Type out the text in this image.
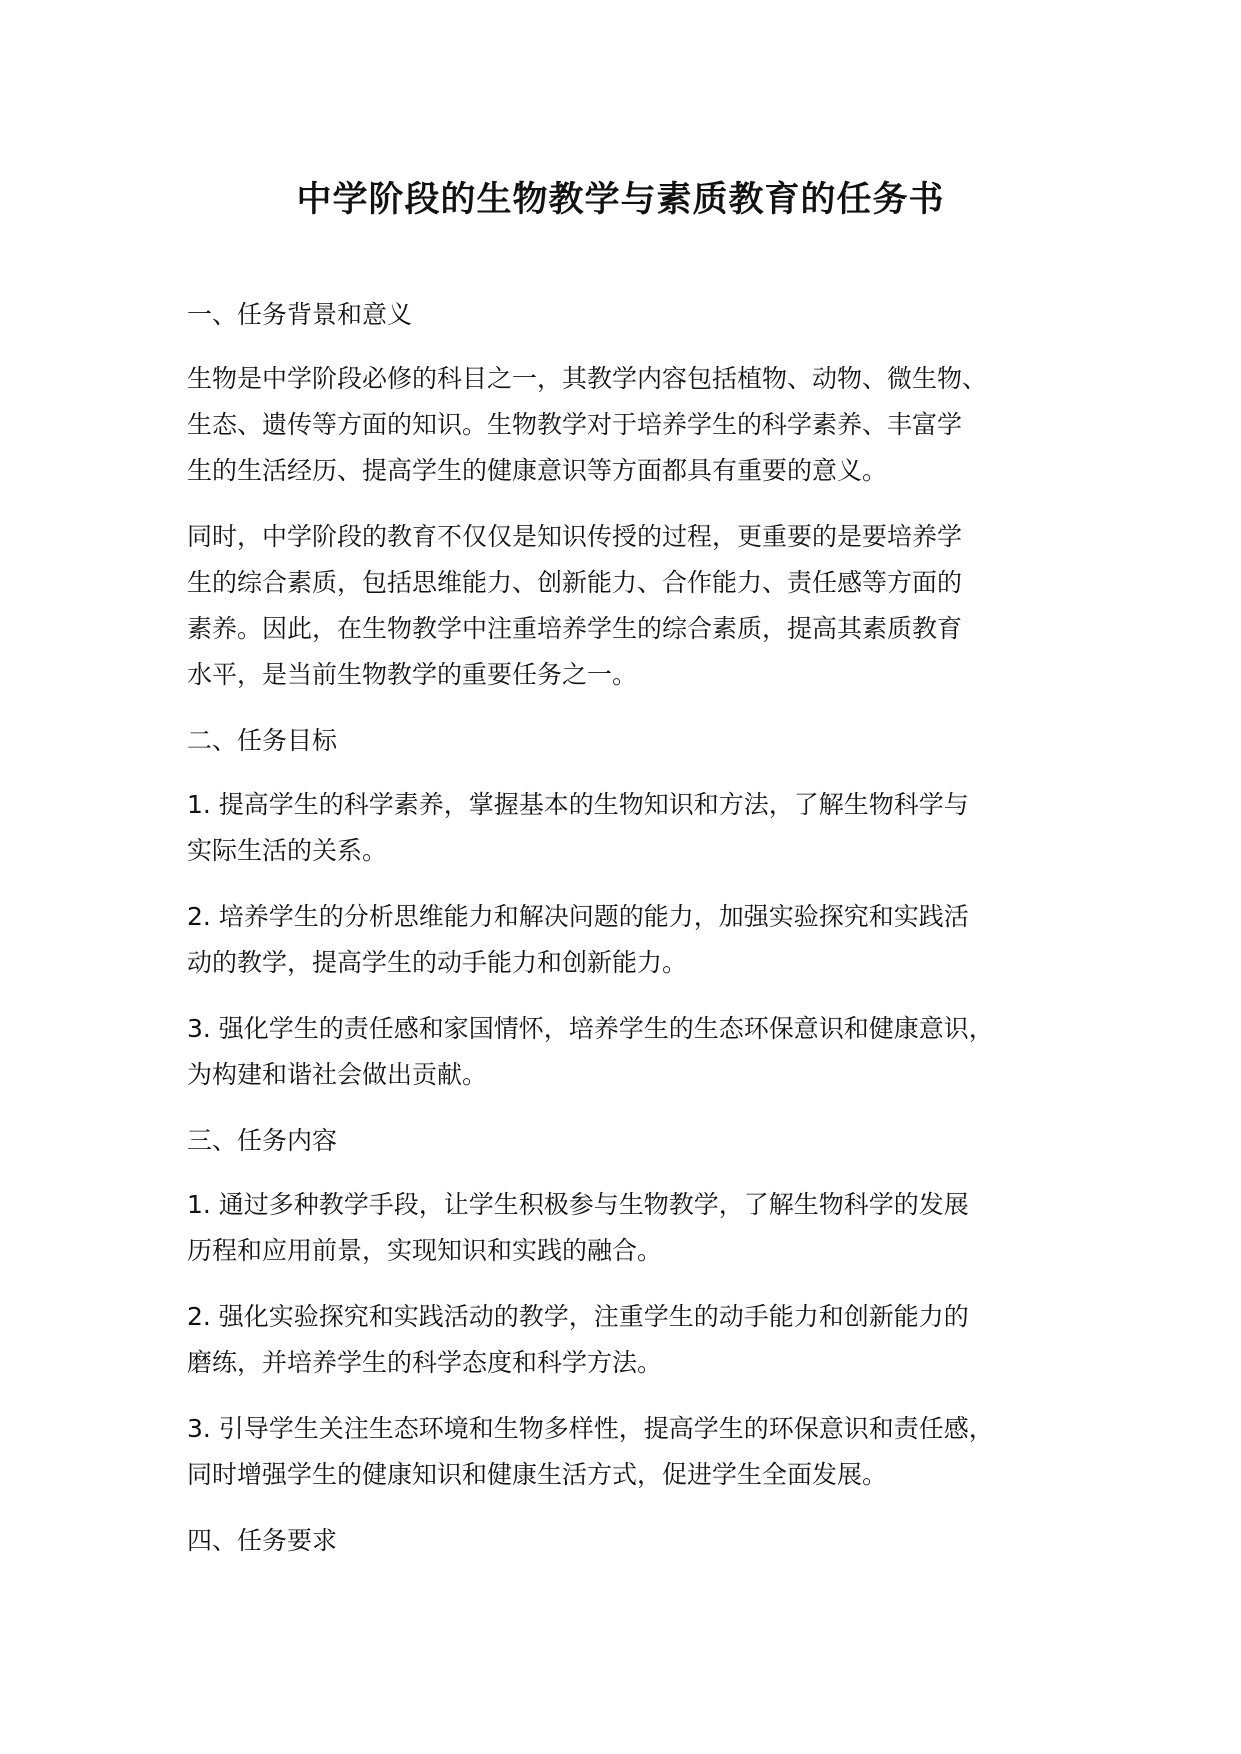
中学阶段的生物教学与素质教育的任务书
一、任务背景和意义
生物是中学阶段必修的科目之一，其教学内容包括植物、动物、微生物、
生态、遗传等方面的知识。生物教学对于培养学生的科学素养、丰富学
生的生活经历、提高学生的健康意识等方面都具有重要的意义。
同时，中学阶段的教育不仅仅是知识传授的过程，更重要的是要培养学
生的综合素质，包括思维能力、创新能力、合作能力、责任感等方面的
素养。因此，在生物教学中注重培养学生的综合素质，提高其素质教育
水平，是当前生物教学的重要任务之一。
二、任务目标
1. 提高学生的科学素养，掌握基本的生物知识和方法，了解生物科学与
实际生活的关系。
2. 培养学生的分析思维能力和解决问题的能力，加强实验探究和实践活
动的教学，提高学生的动手能力和创新能力。
3. 强化学生的责任感和家国情怀，培养学生的生态环保意识和健康意识，
为构建和谐社会做出贡献。
三、任务内容
1. 通过多种教学手段，让学生积极参与生物教学，了解生物科学的发展
历程和应用前景，实现知识和实践的融合。
2. 强化实验探究和实践活动的教学，注重学生的动手能力和创新能力的
磨练，并培养学生的科学态度和科学方法。
3. 引导学生关注生态环境和生物多样性，提高学生的环保意识和责任感，
同时增强学生的健康知识和健康生活方式，促进学生全面发展。
四、任务要求
